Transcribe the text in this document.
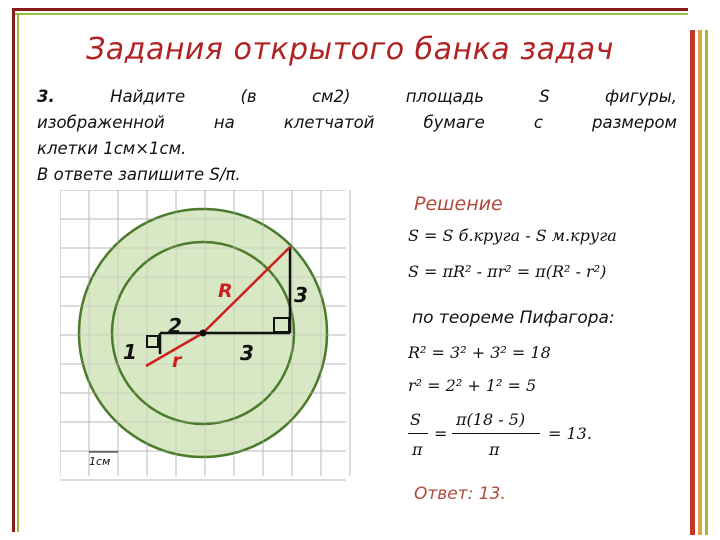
Задания открытого банка задач
3.	Найдите (в см2) площадь S фигуры,
изображенной на клетчатой бумаге с размером
клетки 1см×1см.
В ответе запишите S/π.
R
r
2
1	3
3
1см
Решение
S = S б.круга - S м.круга
S = πR² - πr² = π(R² - r²)
по теореме Пифагора:
R² = 3² + 3² = 18
r² = 2² + 1² = 5
S π(18 - 5)
=
π	π
= 13.
Ответ: 13.
